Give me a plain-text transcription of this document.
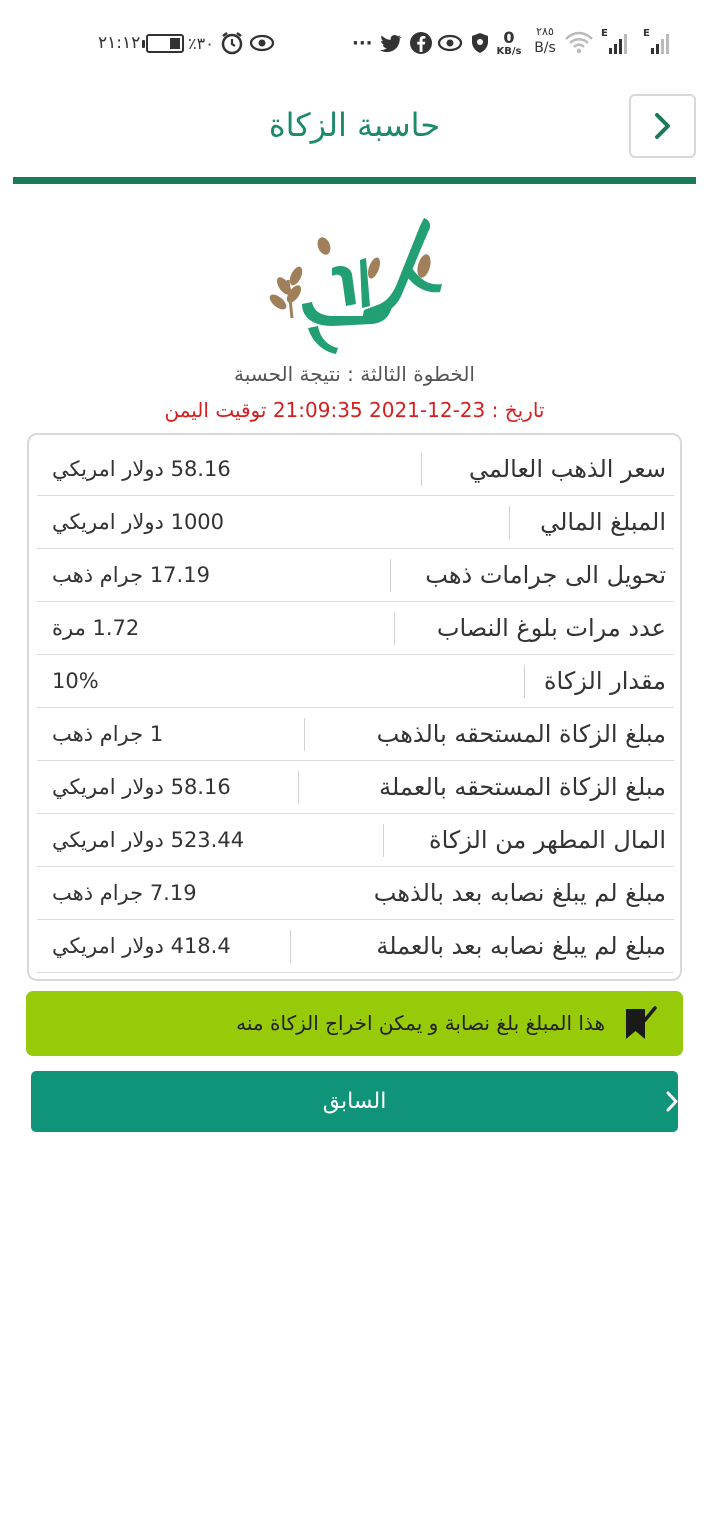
٢١:١٢	٪٣٠	···	0
KB/s
٢٨٥
B/s
E	E
حاسبة الزكاة
الخطوة الثالثة : نتيجة الحسبة
تاريخ : 23-12-2021 21:09:35 توقيت اليمن
سعر الذهب العالمي
58.16 دولار امريكي
المبلغ المالي
1000 دولار امريكي
تحويل الى جرامات ذهب
17.19 جرام ذهب
عدد مرات بلوغ النصاب
1.72 مرة
مقدار الزكاة
10%
مبلغ الزكاة المستحقه بالذهب
1 جرام ذهب
مبلغ الزكاة المستحقه بالعملة
58.16 دولار امريكي
المال المطهر من الزكاة
523.44 دولار امريكي
مبلغ لم يبلغ نصابه بعد بالذهب
7.19 جرام ذهب
مبلغ لم يبلغ نصابه بعد بالعملة
418.4 دولار امريكي
هذا المبلغ بلغ نصابة و يمكن اخراج الزكاة منه
السابق
